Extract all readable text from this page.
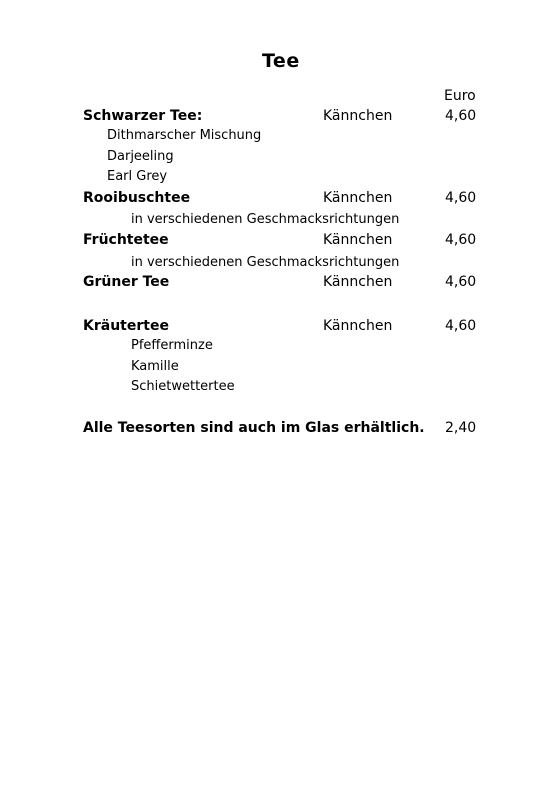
Tee
Euro
Schwarzer Tee:	Kännchen	4,60
Dithmarscher Mischung
Darjeeling
Earl Grey
Rooibuschtee	Kännchen	4,60
in verschiedenen Geschmacksrichtungen
Früchtetee	Kännchen	4,60
in verschiedenen Geschmacksrichtungen
Grüner Tee	Kännchen	4,60
Kräutertee	Kännchen	4,60
Pfefferminze
Kamille
Schietwettertee
Alle Teesorten sind auch im Glas erhältlich. 2,40
